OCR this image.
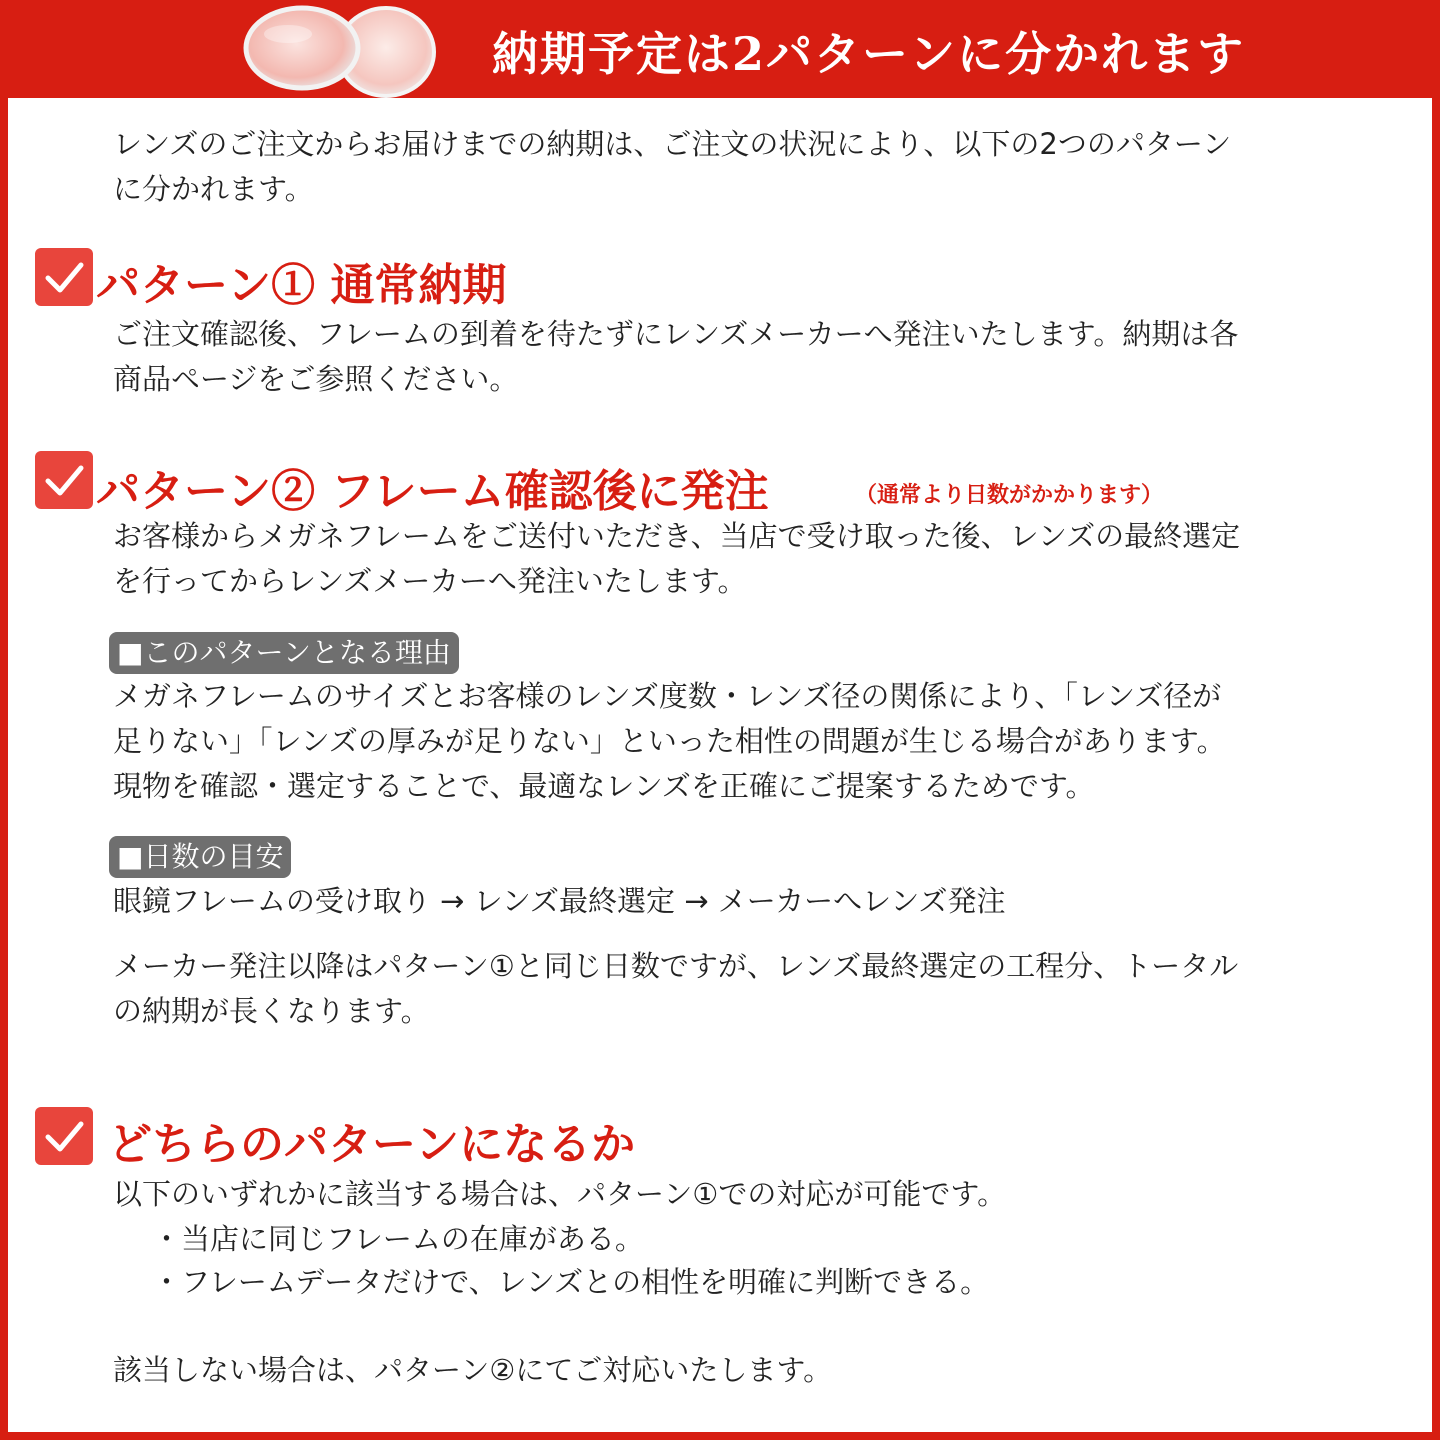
納期予定は2パターンに分かれます

レンズのご注文からお届けまでの納期は、ご注文の状況により、以下の2つのパターン
に分かれます。

パターン① 通常納期

ご注文確認後、フレームの到着を待たずにレンズメーカーへ発注いたします。納期は各
商品ページをご参照ください。

パターン② フレーム確認後に発注	（通常より日数がかかります）

お客様からメガネフレームをご送付いただき、当店で受け取った後、レンズの最終選定
を行ってからレンズメーカーへ発注いたします。

■このパターンとなる理由

メガネフレームのサイズとお客様のレンズ度数・レンズ径の関係により、「レンズ径が
足りない」「レンズの厚みが足りない」といった相性の問題が生じる場合があります。
現物を確認・選定することで、最適なレンズを正確にご提案するためです。

■日数の目安

眼鏡フレームの受け取り → レンズ最終選定 → メーカーへレンズ発注

メーカー発注以降はパターン①と同じ日数ですが、レンズ最終選定の工程分、トータル
の納期が長くなります。

どちらのパターンになるか

以下のいずれかに該当する場合は、パターン①での対応が可能です。

・当店に同じフレームの在庫がある。
・フレームデータだけで、レンズとの相性を明確に判断できる。

該当しない場合は、パターン②にてご対応いたします。
